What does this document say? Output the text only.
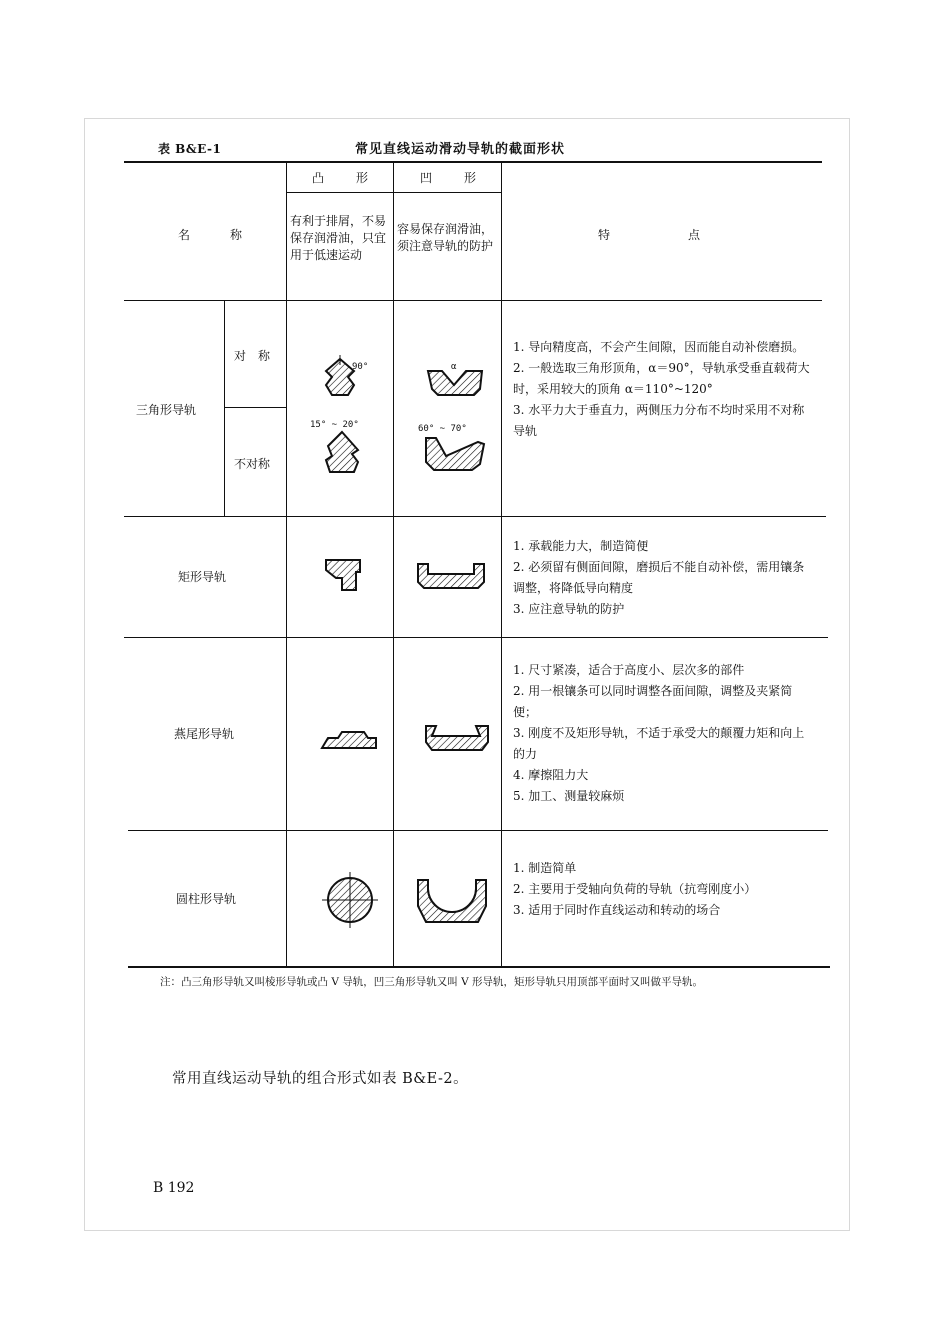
表 B&E-1	常见直线运动滑动导轨的截面形状
凸　形	凹　形
名　称
有利于排屑，不易保存润滑油，只宜用于低速运动
容易保存润滑油，须注意导轨的防护
特　　点
三角形导轨
对　称
不对称
90°
15° ~ 20°
α
60° ~ 70°
1. 导向精度高，不会产生间隙，因而能自动补偿磨损。
2. 一般选取三角形顶角，α＝90°，导轨承受垂直载荷大时，采用较大的顶角 α＝110°~120°
3. 水平力大于垂直力，两侧压力分布不均时采用不对称导轨
矩形导轨
1. 承载能力大，制造简便
2. 必须留有侧面间隙，磨损后不能自动补偿，需用镶条调整，将降低导向精度
3. 应注意导轨的防护
燕尾形导轨
1. 尺寸紧凑，适合于高度小、层次多的部件
2. 用一根镶条可以同时调整各面间隙，调整及夹紧简便；
3. 刚度不及矩形导轨，不适于承受大的颠覆力矩和向上的力
4. 摩擦阻力大
5. 加工、测量较麻烦
圆柱形导轨
1. 制造简单
2. 主要用于受轴向负荷的导轨（抗弯刚度小）
3. 适用于同时作直线运动和转动的场合
注：凸三角形导轨又叫棱形导轨或凸 V 导轨，凹三角形导轨又叫 V 形导轨，矩形导轨只用顶部平面时又叫做平导轨。
常用直线运动导轨的组合形式如表 B&E-2。
B 192
